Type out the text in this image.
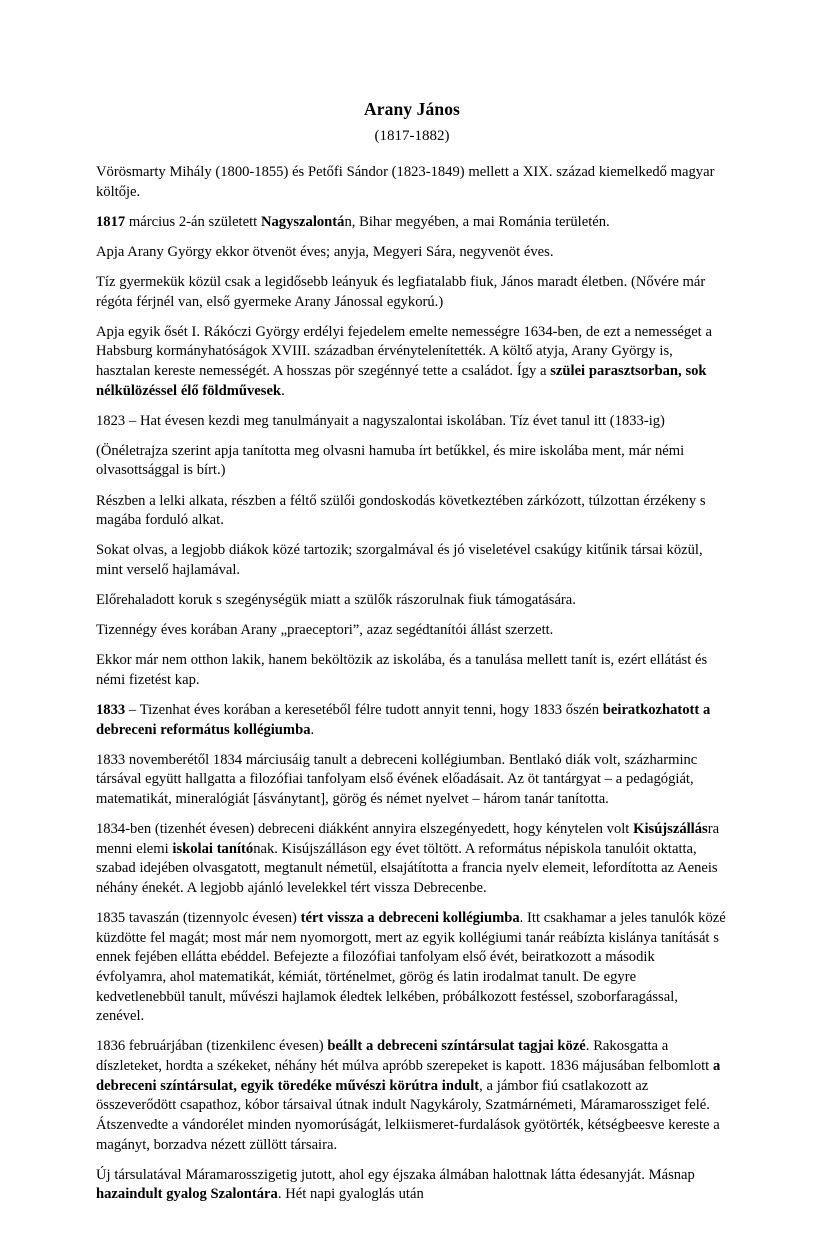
Arany János
(1817-1882)

Vörösmarty Mihály (1800-1855) és Petőfi Sándor (1823-1849) mellett a XIX. század kiemelkedő magyar költője.

1817 március 2-án született Nagyszalontán, Bihar megyében, a mai Románia területén.

Apja Arany György ekkor ötvenöt éves; anyja, Megyeri Sára, negyvenöt éves.

Tíz gyermekük közül csak a legidősebb leányuk és legfiatalabb fiuk, János maradt életben. (Nővére már régóta férjnél van, első gyermeke Arany Jánossal egykorú.)

Apja egyik ősét I. Rákóczi György erdélyi fejedelem emelte nemességre 1634-ben, de ezt a nemességet a Habsburg kormányhatóságok XVIII. században érvénytelenítették. A költő atyja, Arany György is, hasztalan kereste nemességét. A hosszas pör szegénnyé tette a családot. Így a szülei parasztsorban, sok nélkülözéssel élő földművesek.

1823 – Hat évesen kezdi meg tanulmányait a nagyszalontai iskolában. Tíz évet tanul itt (1833-ig)

(Önéletrajza szerint apja tanította meg olvasni hamuba írt betűkkel, és mire iskolába ment, már némi olvasottsággal is bírt.)

Részben a lelki alkata, részben a féltő szülői gondoskodás következtében zárkózott, túlzottan érzékeny s magába forduló alkat.

Sokat olvas, a legjobb diákok közé tartozik; szorgalmával és jó viseletével csakúgy kitűnik társai közül, mint verselő hajlamával.

Előrehaladott koruk s szegénységük miatt a szülők rászorulnak fiuk támogatására.

Tizennégy éves korában Arany „praeceptori”, azaz segédtanítói állást szerzett.

Ekkor már nem otthon lakik, hanem beköltözik az iskolába, és a tanulása mellett tanít is, ezért ellátást és némi fizetést kap.

1833 – Tizenhat éves korában a keresetéből félre tudott annyit tenni, hogy 1833 őszén beiratkozhatott a debreceni református kollégiumba.

1833 novemberétől 1834 márciusáig tanult a debreceni kollégiumban. Bentlakó diák volt, százharminc társával együtt hallgatta a filozófiai tanfolyam első évének előadásait. Az öt tantárgyat – a pedagógiát, matematikát, mineralógiát [ásványtant], görög és német nyelvet – három tanár tanította.

1834-ben (tizenhét évesen) debreceni diákként annyira elszegényedett, hogy kénytelen volt Kisújszállásra menni elemi iskolai tanítónak. Kisújszálláson egy évet töltött. A református népiskola tanulóit oktatta, szabad idejében olvasgatott, megtanult németül, elsajátította a francia nyelv elemeit, lefordította az Aeneis néhány énekét. A legjobb ajánló levelekkel tért vissza Debrecenbe.

1835 tavaszán (tizennyolc évesen) tért vissza a debreceni kollégiumba. Itt csakhamar a jeles tanulók közé küzdötte fel magát; most már nem nyomorgott, mert az egyik kollégiumi tanár reábízta kislánya tanítását s ennek fejében ellátta ebéddel. Befejezte a filozófiai tanfolyam első évét, beiratkozott a második évfolyamra, ahol matematikát, kémiát, történelmet, görög és latin irodalmat tanult. De egyre kedvetlenebbül tanult, művészi hajlamok éledtek lelkében, próbálkozott festéssel, szoborfaragással, zenével.

1836 februárjában (tizenkilenc évesen) beállt a debreceni színtársulat tagjai közé. Rakosgatta a díszleteket, hordta a székeket, néhány hét múlva apróbb szerepeket is kapott. 1836 májusában felbomlott a debreceni színtársulat, egyik töredéke művészi körútra indult, a jámbor fiú csatlakozott az összeverődött csapathoz, kóbor társaival útnak indult Nagykároly, Szatmárnémeti, Máramarossziget felé. Átszenvedte a vándorélet minden nyomorúságát, lelkiismeret-furdalások gyötörték, kétségbeesve kereste a magányt, borzadva nézett züllött társaira.

Új társulatával Máramarosszigetig jutott, ahol egy éjszaka álmában halottnak látta édesanyját. Másnap hazaindult gyalog Szalontára. Hét napi gyaloglás után
